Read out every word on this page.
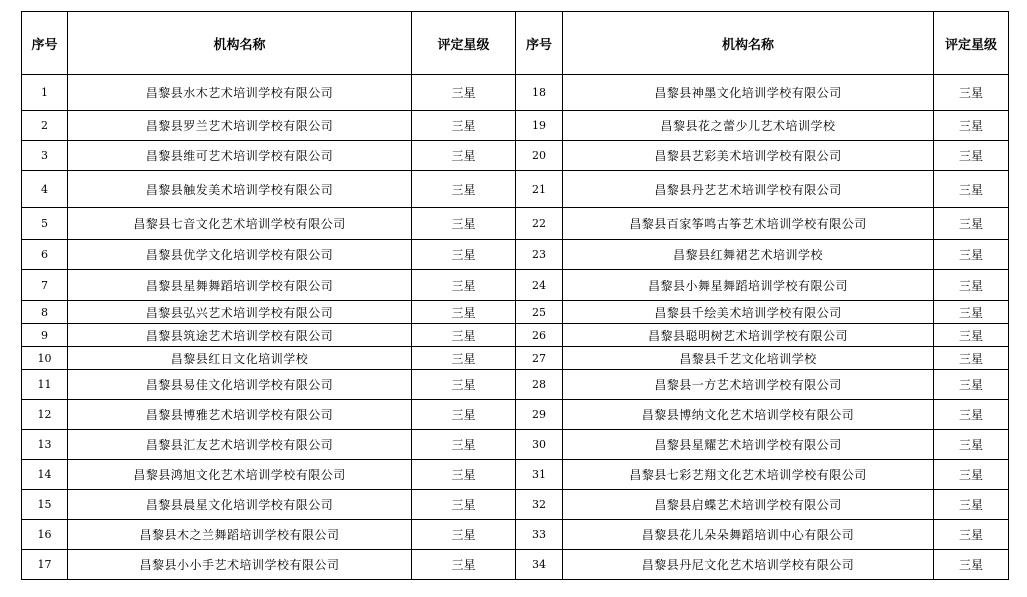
序号	机构名称	评定星级	序号	机构名称	评定星级
1	昌黎县水木艺术培训学校有限公司	三星	18	昌黎县神墨文化培训学校有限公司	三星
2	昌黎县罗兰艺术培训学校有限公司	三星	19	昌黎县花之蕾少儿艺术培训学校	三星
3	昌黎县维可艺术培训学校有限公司	三星	20	昌黎县艺彩美术培训学校有限公司	三星
4	昌黎县触发美术培训学校有限公司	三星	21	昌黎县丹艺艺术培训学校有限公司	三星
5	昌黎县七音文化艺术培训学校有限公司	三星	22	昌黎县百家筝鸣古筝艺术培训学校有限公司	三星
6	昌黎县优学文化培训学校有限公司	三星	23	昌黎县红舞裙艺术培训学校	三星
7	昌黎县星舞舞蹈培训学校有限公司	三星	24	昌黎县小舞星舞蹈培训学校有限公司	三星
8	昌黎县弘兴艺术培训学校有限公司	三星	25	昌黎县千绘美术培训学校有限公司	三星
9	昌黎县筑途艺术培训学校有限公司	三星	26	昌黎县聪明树艺术培训学校有限公司	三星
10	昌黎县红日文化培训学校	三星	27	昌黎县千艺文化培训学校	三星
11	昌黎县易佳文化培训学校有限公司	三星	28	昌黎县一方艺术培训学校有限公司	三星
12	昌黎县博雅艺术培训学校有限公司	三星	29	昌黎县博纳文化艺术培训学校有限公司	三星
13	昌黎县汇友艺术培训学校有限公司	三星	30	昌黎县星耀艺术培训学校有限公司	三星
14	昌黎县鸿旭文化艺术培训学校有限公司	三星	31	昌黎县七彩艺翔文化艺术培训学校有限公司	三星
15	昌黎县晨星文化培训学校有限公司	三星	32	昌黎县启蝶艺术培训学校有限公司	三星
16	昌黎县木之兰舞蹈培训学校有限公司	三星	33	昌黎县花儿朵朵舞蹈培训中心有限公司	三星
17	昌黎县小小手艺术培训学校有限公司	三星	34	昌黎县丹尼文化艺术培训学校有限公司	三星
